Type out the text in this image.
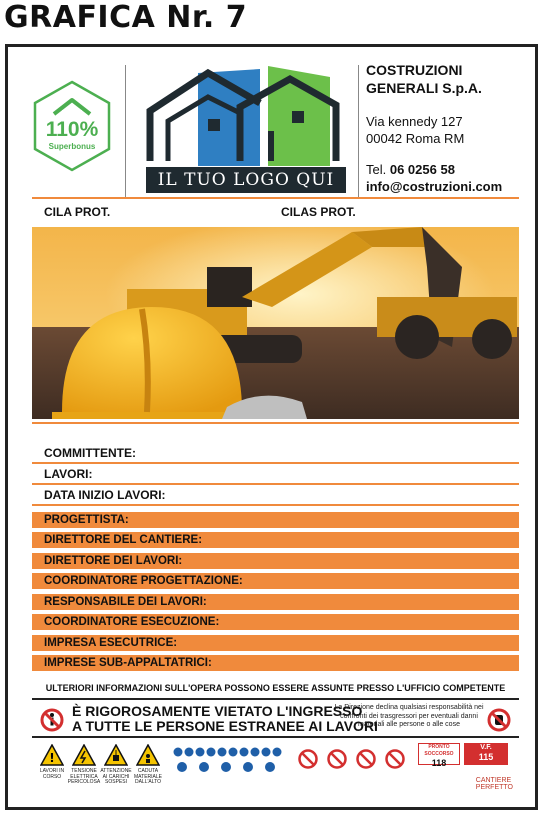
GRAFICA Nr. 7
110%
Superbonus
IL TUO LOGO QUI
COSTRUZIONI
GENERALI S.p.A.
Via kennedy 127
00042 Roma RM
Tel. 06 0256 58
info@costruzioni.com
CILA PROT.	CILAS PROT.
COMMITTENTE:
LAVORI:
DATA INIZIO LAVORI:
PROGETTISTA:
DIRETTORE DEL CANTIERE:
DIRETTORE DEI LAVORI:
COORDINATORE PROGETTAZIONE:
RESPONSABILE DEI LAVORI:
COORDINATORE ESECUZIONE:
IMPRESA ESECUTRICE:
IMPRESE SUB-APPALTATRICI:
ULTERIORI INFORMAZIONI SULL'OPERA POSSONO ESSERE ASSUNTE PRESSO L'UFFICIO COMPETENTE
È RIGOROSAMENTE VIETATO L'INGRESSO
A TUTTE LE PERSONE ESTRANEE AI LAVORI
La Direzione declina qualsiasi responsabilità nei confronti dei trasgressori per eventuali danni materiali alle persone o alle cose
!
LAVORI IN CORSO
TENSIONE ELETTRICA PERICOLOSA
ATTENZIONE AI CARICHI SOSPESI
CADUTA MATERIALE DALL'ALTO
PRONTO SOCCORSO
118
V.F.
115
CANTIERE
PERFETTO
